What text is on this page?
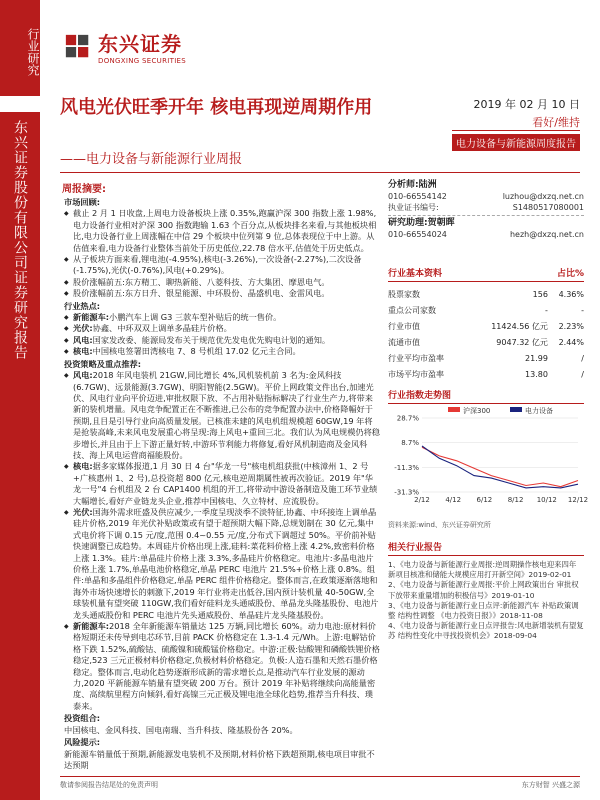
行业研究
东兴证券股份有限公司证券研究报告
东兴证券
DONGXING SECURITIES
风电光伏旺季开年 核电再现逆周期作用
——电力设备与新能源行业周报
2019 年 02 月 10 日
看好/维持
电力设备与新能源周度报告
周报摘要:
市场回顾:
◆ 截止 2 月 1 日收盘,上周电力设备板块上涨 0.35%,跑赢沪深 300 指数上涨 1.98%,电力设备行业相对沪深 300 指数跑输 1.63 个百分点,从板块排名来看,与其他板块相比,电力设备行业上周涨幅在中信 29 个板块中位列第 9 位,总体表现位于中上游。从估值来看,电力设备行业整体当前处于历史低位,22.78 倍水平,估值处于历史低点。
◆ 从子板块方面来看,锂电池(-4.95%),核电(-3.26%),一次设备(-2.27%),二次设备(-1.75%),光伏(-0.76%),风电(+0.29%)。
◆ 股价涨幅前五:东方精工、聊热新能、八菱科技、方大集团、摩恩电气。
◆ 股价涨幅前五:东方日升、银星能源、中环股份、晶盛机电、金雷风电。
行业热点:
◆ 新能源车:小鹏汽车上调 G3 三款车型补贴后的统一售价。
◆ 光伏:协鑫、中环双双上调单多晶硅片价格。
◆ 风电:国家发改委、能源局发布关于规范优先发电优先购电计划的通知。
◆ 核电:中国核电签署田湾核电 7、8 号机组 17.02 亿元主合同。
投资策略及重点推荐:
◆ 风电:2018 年风电装机 21GW,同比增长 4%,风机装机前 3 名为:金风科技(6.7GW)、远景能源(3.7GW)、明阳智能(2.5GW)。平价上网政策文件出台,加速光伏、风电行业向平价迈进,审批权限下放、不占用补贴指标解决了行业生产力,将带来新的装机增量。风电竞争配置正在不断推进,已公布的竞争配置办法中,价格降幅好于预期,且目是引导行业向高质量发展。已核准未建的风电机组规模超 60GW,19 年将是抢装高峰,未来风电发展重心将呈现:海上风电+重回三北。我们认为风电规模仍将稳步增长,并且由于上下游正量好转,中游环节利能力将修复,看好风机制造商及金风科技、海上风电运营商福能股份。
◆ 核电:据多家媒体报道,1 月 30 日 4 台"华龙一号"核电机组获批(中核漳州 1、2 号+广核惠州 1、2 号),总投资超 800 亿元,核电逆周期属性被再次验证。2019 年"华龙一号"4 台机组及 2 台 CAP1400 机组的开工,将带动中游设备制造及施工环节业绩大幅增长,看好产业链龙头企业,推荐中国核电、久立特材、应流股份。
◆ 光伏:国海外需求旺盛及供应减少,一季度呈现淡季不淡特征,协鑫、中环接连上调单晶硅片价格,2019 年光伏补贴政策或有望于超预期大幅下降,总规划制在 30 亿元,集中式电价将下调 0.15 元/度,范围 0.4~0.55 元/度,分布式下调超过 50%。平价前补贴快速调整已成趋势。本周硅片价格出现上涨,硅料:菜花料价格上涨 4.2%,致密料价格上涨 1.3%。硅片:单晶硅片价格上涨 3.3%,多晶硅片价格稳定。电池片:多晶电池片价格上涨 1.7%,单晶电池价格稳定,单晶 PERC 电池片 21.5%+价格上涨 0.8%。组件:单晶和多晶组件价格稳定,单晶 PERC 组件价格稳定。整体而言,在政策逐渐落地和海外市场快速增长的刺激下,2019 年行业将走出低谷,国内预计装机量 40-50GW,全球装机量有望突破 110GW,我们看好硅料龙头通威股份、单晶龙头隆基股份、电池片龙头通威股份和 PERC 电池片先头通威股份、单晶硅片龙头隆基股份。
◆ 新能源车:2018 全年新能源车销量达 125 万辆,同比增长 60%。动力电池:原材料价格短期还未传导到电芯环节,目前 PACK 价格稳定在 1.3-1.4 元/Wh。上游:电解钴价格下跌 1.52%,硫酸钴、硫酸镍和硫酸锰价格稳定。中游:正极:钴酸锂和磷酸铁锂价格稳定,523 三元正极材料价格稳定,负极材料价格稳定。负极:人造石墨和天然石墨价格稳定。整体而言,电动化趋势逐渐形成新的需求增长点,是推动汽车行业发展的源动力,2020 平新能源车销量有望突破 200 万台。预计 2019 年补贴将继续向高能量密度、高续航里程方向倾斜,看好高镍三元正极及锂电池全球化趋势,推荐当升科技、璞泰来。
投资组合:
中国核电、金风科技、国电南瑞、当升科技、隆基股份各 20%。
风险提示:
新能源车销量低于预期,新能源发电装机不及预期,材料价格下跌超预期,核电项目审批不达预期
分析师:陆洲
010-66554142	luzhou@dxzq.net.cn
执业证书编号:	S1480517080001
研究助理:贺朝晖
010-66554024	hezh@dxzq.net.cn
行业基本资料	占比%
股票家数	156	4.36%
重点公司家数	-	-
行业市值	11424.56 亿元	2.23%
流通市值	9047.32 亿元	2.44%
行业平均市盈率	21.99	/
市场平均市盈率	13.80	/
行业指数走势图
沪深300	电力设备
28.7%
8.7%
-11.3%
-31.3%
2/12 4/12 6/12 8/12 10/12 12/12
资料来源:wind、东兴证券研究所
相关行业报告
1、《电力设备与新能源行业周报:逆周期操作核电迎来四年 新项目核准和储能大规模应用打开新空间》2019-02-01
2、《电力设备与新能源行业周报:平价上网政策出台 审批权下放带来重量增加的积极信号》2019-01-10
3、《电力设备与新能源行业日点评:新能源汽车 补贴政策调整 结构性调整 《电力投资日报》》2018-11-08
4、《电力设备与新能源行业日点评报告:风电新增装机有望复苏 结构性变化中寻找投资机会》2018-09-04
敬请参阅报告结尾处的免责声明	东方财智 兴盛之源
